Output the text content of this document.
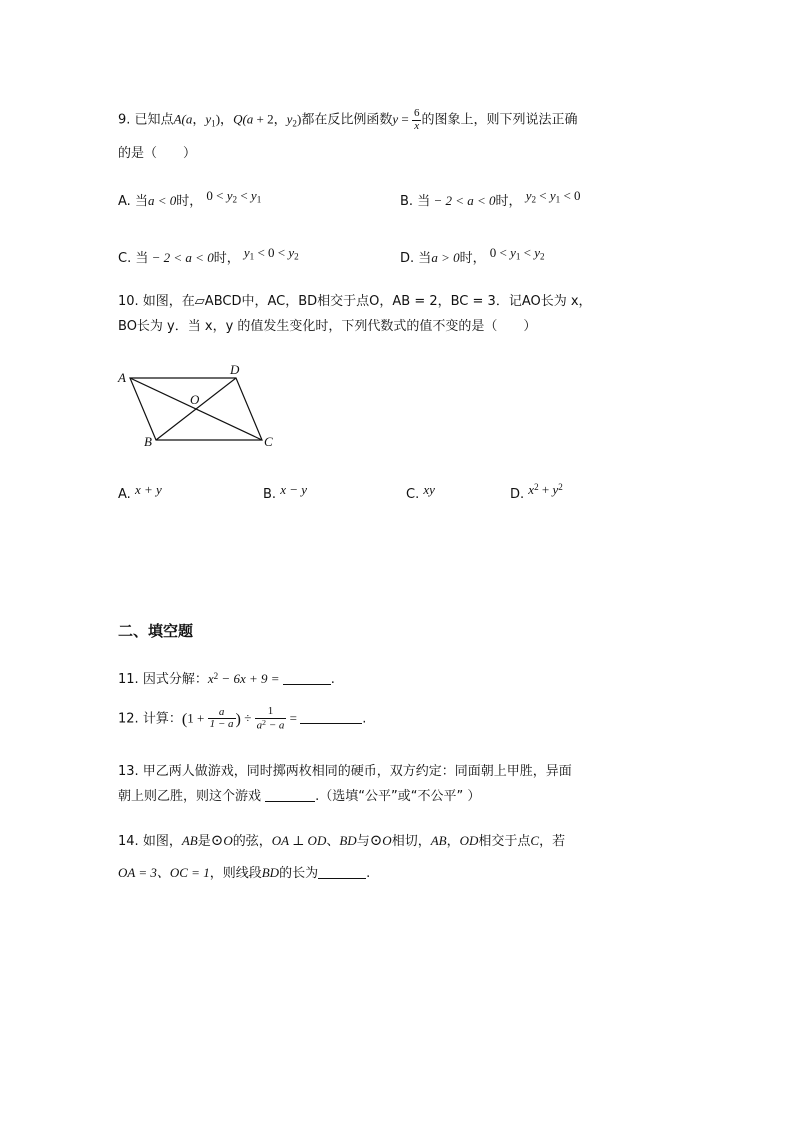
9. 已知点A(a，$y_1$)，Q(a + 2，$y_2$)都在反比例函数$y = \frac{6}{x}$ 的图象上，则下列说法正确
的是（　　）
A. 当a < 0时， $0 < y_2 < y_1$	B. 当 − 2 < a < 0时， $y_2 < y_1 < 0$
C. 当 − 2 < a < 0时， $y_1 < 0 < y_2$	D. 当a > 0时， $0 < y_1 < y_2$
10. 如图，在▱ABCD中，AC，BD相交于点O，AB = 2，BC = 3．记AO长为 x，
BO长为 y．当 x，y 的值发生变化时，下列代数式的值不变的是（　　）
A
D
B	C
O
A. x + y	B. x − y	C. xy	D. $x^2 + y^2$
二、填空题
11. 因式分解：$x^2 - 6x + 9$ =	.
12. 计算：($1 + \frac{a}{1 - a}$ ) ÷ $\frac{1}{a^2 - a}$ =	.
13. 甲乙两人做游戏，同时掷两枚相同的硬币，双方约定：同面朝上甲胜，异面
朝上则乙胜，则这个游戏	.（选填“公平”或“不公平” ）
14. 如图，AB是⊙O的弦，OA ⊥ OD、BD与⊙O相切，AB，OD相交于点C，若
OA = 3、OC = 1，则线段BD的长为	.
